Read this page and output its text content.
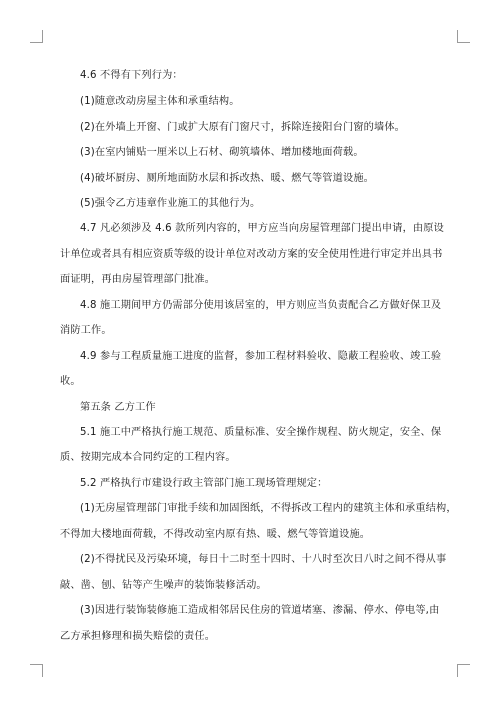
4.6 不得有下列行为：
(1)随意改动房屋主体和承重结构。
(2)在外墙上开窗、门或扩大原有门窗尺寸，拆除连接阳台门窗的墙体。
(3)在室内铺贴一厘米以上石材、砌筑墙体、增加楼地面荷载。
(4)破坏厨房、厕所地面防水层和拆改热、暖、燃气等管道设施。
(5)强令乙方违章作业施工的其他行为。
4.7 凡必须涉及 4.6 款所列内容的，甲方应当向房屋管理部门提出申请，由原设
计单位或者具有相应资质等级的设计单位对改动方案的安全使用性进行审定并出具书
面证明，再由房屋管理部门批准。
4.8 施工期间甲方仍需部分使用该居室的，甲方则应当负责配合乙方做好保卫及
消防工作。
4.9 参与工程质量施工进度的监督，参加工程材料验收、隐蔽工程验收、竣工验
收。
第五条 乙方工作
5.1 施工中严格执行施工规范、质量标准、安全操作规程、防火规定，安全、保
质、按期完成本合同约定的工程内容。
5.2 严格执行市建设行政主管部门施工现场管理规定：
(1)无房屋管理部门审批手续和加固图纸，不得拆改工程内的建筑主体和承重结构，
不得加大楼地面荷载，不得改动室内原有热、暖、燃气等管道设施。
(2)不得扰民及污染环境，每日十二时至十四时、十八时至次日八时之间不得从事
敲、凿、刨、钻等产生噪声的装饰装修活动。
(3)因进行装饰装修施工造成相邻居民住房的管道堵塞、渗漏、停水、停电等,由
乙方承担修理和损失赔偿的责任。
